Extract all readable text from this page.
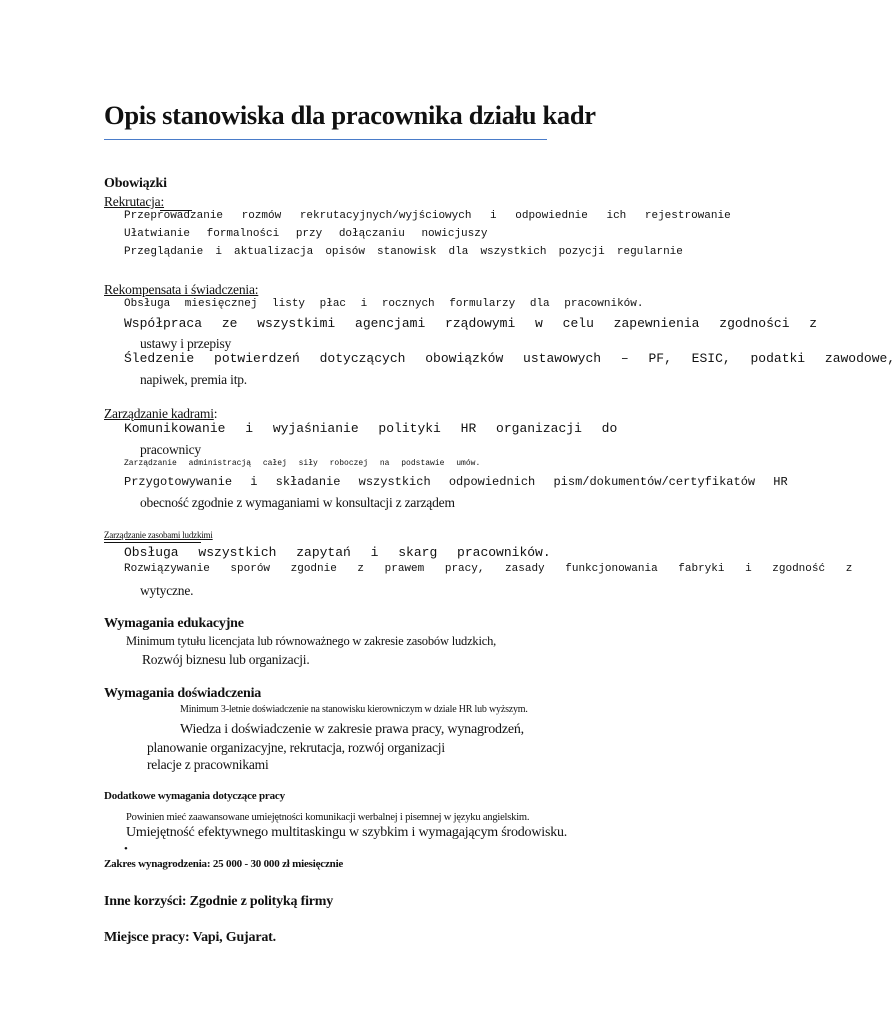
Opis stanowiska dla pracownika działu kadr
Obowiązki
Rekrutacja:
Przeprowadzanie rozmów rekrutacyjnych/wyjściowych i odpowiednie ich rejestrowanie
Ułatwianie formalności przy dołączaniu nowicjuszy
Przeglądanie i aktualizacja opisów stanowisk dla wszystkich pozycji regularnie
Rekompensata i świadczenia:
Obsługa miesięcznej listy płac i rocznych formularzy dla pracowników.
Współpraca ze wszystkimi agencjami rządowymi w celu zapewnienia zgodności z
ustawy i przepisy
Śledzenie potwierdzeń dotyczących obowiązków ustawowych – PF, ESIC, podatki zawodowe,
napiwek, premia itp.
Zarządzanie kadrami:
Komunikowanie i wyjaśnianie polityki HR organizacji do
pracownicy
Zarządzanie administracją całej siły roboczej na podstawie umów.
Przygotowywanie i składanie wszystkich odpowiednich pism/dokumentów/certyfikatów HR
obecność zgodnie z wymaganiami w konsultacji z zarządem
Zarządzanie zasobami ludzkimi
Obsługa wszystkich zapytań i skarg pracowników.
Rozwiązywanie sporów zgodnie z prawem pracy, zasady funkcjonowania fabryki i zgodność z
wytyczne.
Wymagania edukacyjne
Minimum tytułu licencjata lub równoważnego w zakresie zasobów ludzkich,
Rozwój biznesu lub organizacji.
Wymagania doświadczenia
Minimum 3-letnie doświadczenie na stanowisku kierowniczym w dziale HR lub wyższym.
Wiedza i doświadczenie w zakresie prawa pracy, wynagrodzeń,
planowanie organizacyjne, rekrutacja, rozwój organizacji
relacje z pracownikami
Dodatkowe wymagania dotyczące pracy
Powinien mieć zaawansowane umiejętności komunikacji werbalnej i pisemnej w języku angielskim.
Umiejętność efektywnego multitaskingu w szybkim i wymagającym środowisku.
•
Zakres wynagrodzenia: 25 000 - 30 000 zł miesięcznie
Inne korzyści: Zgodnie z polityką firmy
Miejsce pracy: Vapi, Gujarat.
